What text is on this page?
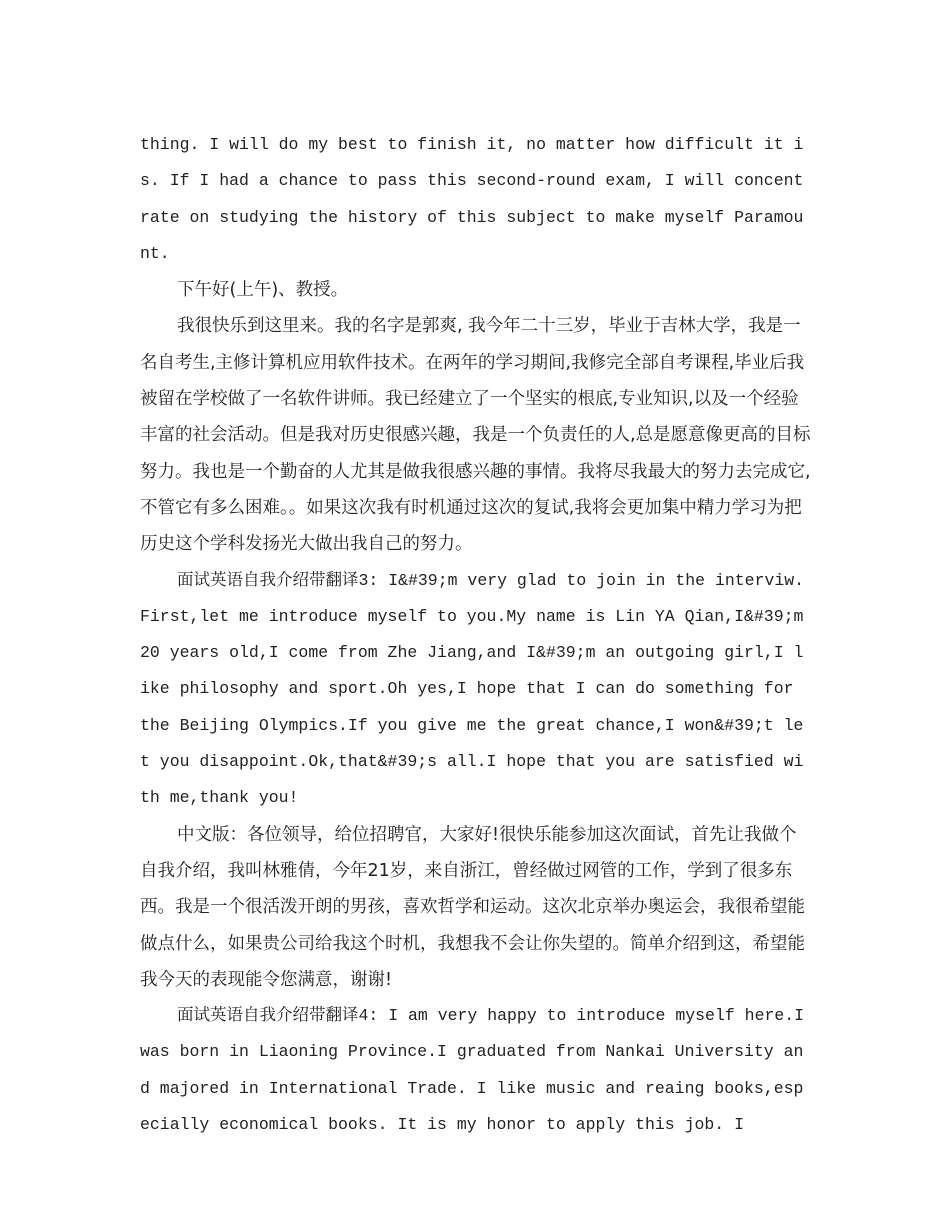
thing. I will do my best to finish it, no matter how difficult it is. If I had a chance to pass this second-round exam, I will concentrate on studying the history of this subject to make myself Paramount.

下午好(上午)、教授。

我很快乐到这里来。我的名字是郭爽, 我今年二十三岁，毕业于吉林大学，我是一名自考生,主修计算机应用软件技术。在两年的学习期间,我修完全部自考课程,毕业后我被留在学校做了一名软件讲师。我已经建立了一个坚实的根底,专业知识,以及一个经验丰富的社会活动。但是我对历史很感兴趣，我是一个负责任的人,总是愿意像更高的目标努力。我也是一个勤奋的人尤其是做我很感兴趣的事情。我将尽我最大的努力去完成它,不管它有多么困难。。如果这次我有时机通过这次的复试,我将会更加集中精力学习为把历史这个学科发扬光大做出我自己的努力。

面试英语自我介绍带翻译3: I&#39;m very glad to join in the interviw.First,let me introduce myself to you.My name is Lin YA Qian,I&#39;m 20 years old,I come from Zhe Jiang,and I&#39;m an outgoing girl,I like philosophy and sport.Oh yes,I hope that I can do something for the Beijing Olympics.If you give me the great chance,I won&#39;t let you disappoint.Ok,that&#39;s all.I hope that you are satisfied with me,thank you!

中文版：各位领导，给位招聘官，大家好!很快乐能参加这次面试，首先让我做个自我介绍，我叫林雅倩，今年21岁，来自浙江，曾经做过网管的工作，学到了很多东西。我是一个很活泼开朗的男孩，喜欢哲学和运动。这次北京举办奥运会，我很希望能做点什么，如果贵公司给我这个时机，我想我不会让你失望的。简单介绍到这，希望能我今天的表现能令您满意，谢谢!

面试英语自我介绍带翻译4: I am very happy to introduce myself here.I was born in Liaoning Province.I graduated from Nankai University and majored in International Trade. I like music and reaing books,especially economical books. It is my honor to apply this job. I
